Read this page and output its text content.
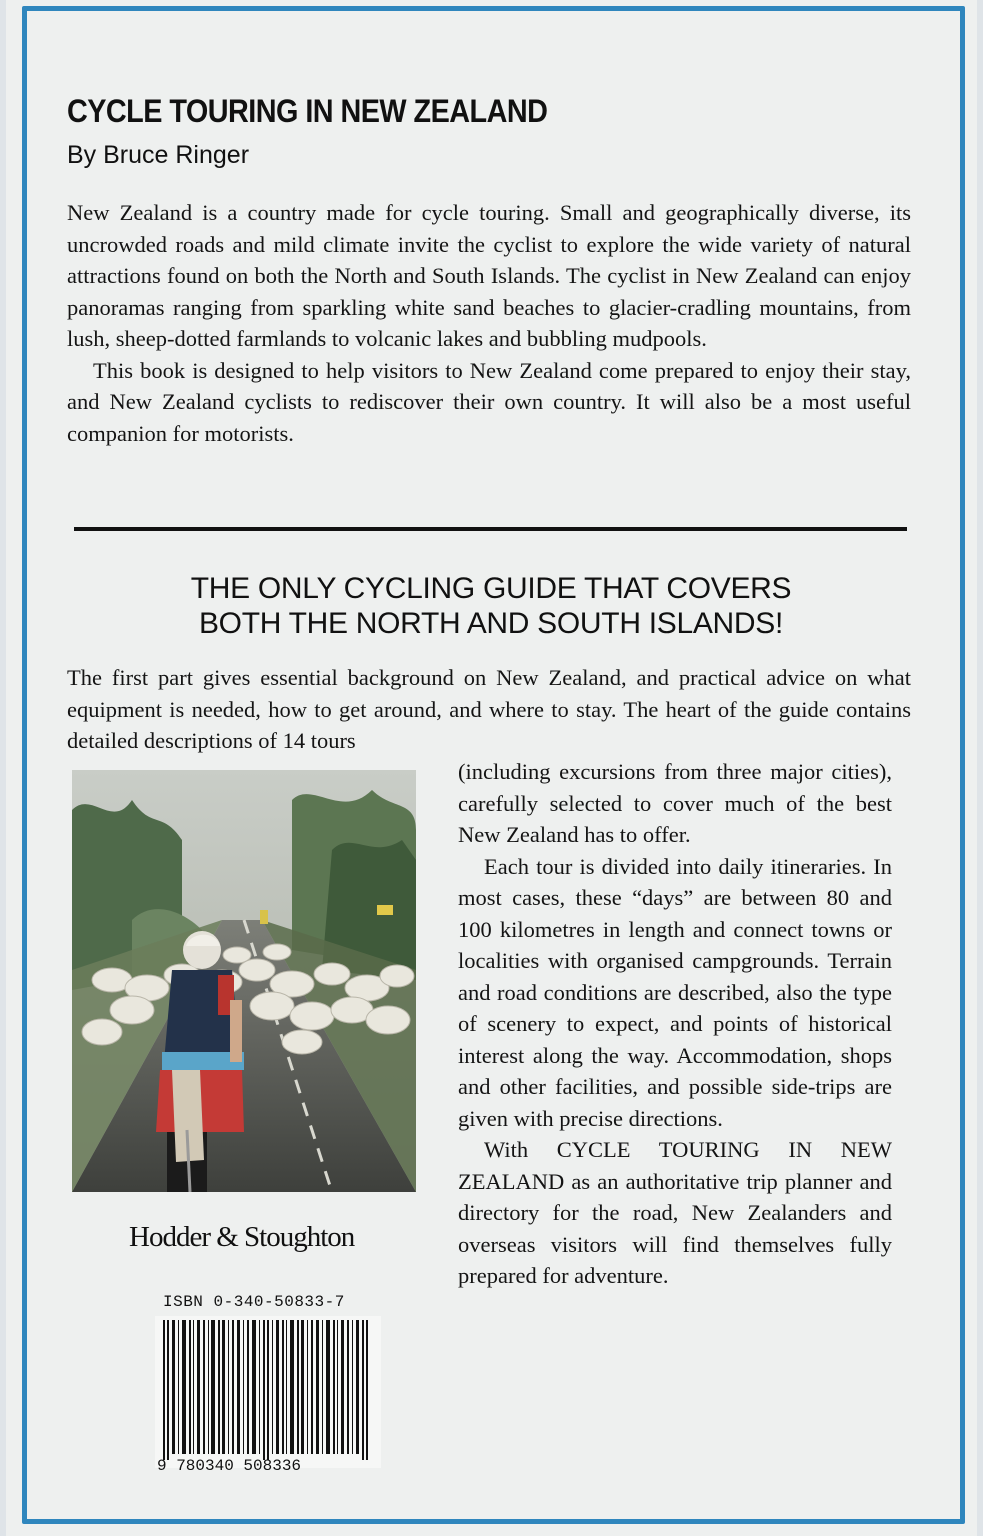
CYCLE TOURING IN NEW ZEALAND
By Bruce Ringer

New Zealand is a country made for cycle touring. Small and geographically diverse, its uncrowded roads and mild climate invite the cyclist to explore the wide variety of natural attractions found on both the North and South Islands. The cyclist in New Zealand can enjoy panoramas ranging from sparkling white sand beaches to glacier-cradling mountains, from lush, sheep-dotted farmlands to volcanic lakes and bubbling mudpools.

This book is designed to help visitors to New Zealand come prepared to enjoy their stay, and New Zealand cyclists to rediscover their own country. It will also be a most useful companion for motorists.

THE ONLY CYCLING GUIDE THAT COVERS
BOTH THE NORTH AND SOUTH ISLANDS!
The first part gives essential background on New Zealand, and practical advice on what equipment is needed, how to get around, and where to stay. The heart of the guide contains detailed descriptions of 14 tours

(including excursions from three major cities), carefully selected to cover much of the best New Zealand has to offer.

Each tour is divided into daily itineraries. In most cases, these “days” are between 80 and 100 kilometres in length and connect towns or localities with organised campgrounds. Terrain and road conditions are described, also the type of scenery to expect, and points of historical interest along the way. Accommodation, shops and other facilities, and possible side-trips are given with precise directions.

With CYCLE TOURING IN NEW ZEALAND as an authoritative trip planner and directory for the road, New Zealanders and overseas visitors will find themselves fully prepared for adventure.

Hodder & Stoughton
ISBN 0-340-50833-7
9 780340 508336
